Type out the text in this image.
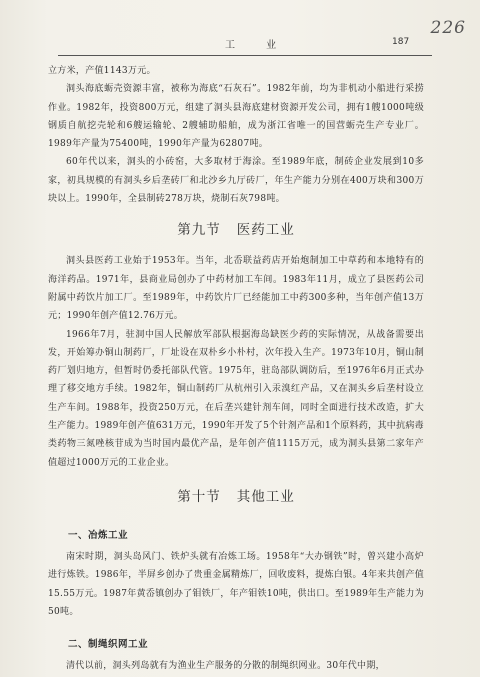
226
工 业	187

立方米，产值1143万元。

洞头海底蛎壳资源丰富，被称为海底“石灰石”。1982年前，均为非机动小船进行采捞作业。1982年，投资800万元，组建了洞头县海底建材资源开发公司，拥有1艘1000吨级钢质自航挖壳轮和6艘运输轮、2艘辅助船舶，成为浙江省唯一的国营蛎壳生产专业厂。1989年产量为75400吨，1990年产量为62807吨。

60年代以来，洞头的小砖窑，大多取材于海涂。至1989年底，制砖企业发展到10多家，初具规模的有洞头乡后垄砖厂和北沙乡九厅砖厂，年生产能力分别在400万块和300万块以上。1990年，全县制砖278万块，烧制石灰798吨。

第九节 医药工业

洞头县医药工业始于1953年。当年，北岙联益药店开始炮制加工中草药和本地特有的海洋药品。1971年，县商业局创办了中药材加工车间。1983年11月，成立了县医药公司附属中药饮片加工厂。至1989年，中药饮片厂已经能加工中药300多种，当年创产值13万元；1990年创产值12.76万元。

1966年7月，驻洞中国人民解放军部队根据海岛缺医少药的实际情况，从战备需要出发，开始筹办铜山制药厂，厂址设在双朴乡小朴村，次年投入生产。1973年10月，铜山制药厂划归地方，但暂时仍委托部队代管。1975年，驻岛部队调防后，至1976年6月正式办理了移交地方手续。1982年，铜山制药厂从杭州引入汞溴红产品，又在洞头乡后垄村设立生产车间。1988年，投资250万元，在后垄兴建针剂车间，同时全面进行技术改造，扩大生产能力。1989年创产值631万元，1990年开发了5个针剂产品和1个原料药，其中抗病毒类药物三氮唑核苷成为当时国内最优产品，是年创产值1115万元，成为洞头县第二家年产值超过1000万元的工业企业。

第十节 其他工业
一、冶炼工业

南宋时期，洞头岛风门、铁炉头就有冶炼工场。1958年“大办钢铁”时，曾兴建小高炉进行炼铁。1986年，半屏乡创办了贵重金属精炼厂，回收废料，提炼白银。4年来共创产值15.55万元。1987年黄岙镇创办了钼铁厂，年产钼铁10吨，供出口。至1989年生产能力为50吨。

二、制绳织网工业

清代以前，洞头列岛就有为渔业生产服务的分散的制绳织网业。30年代中期，
